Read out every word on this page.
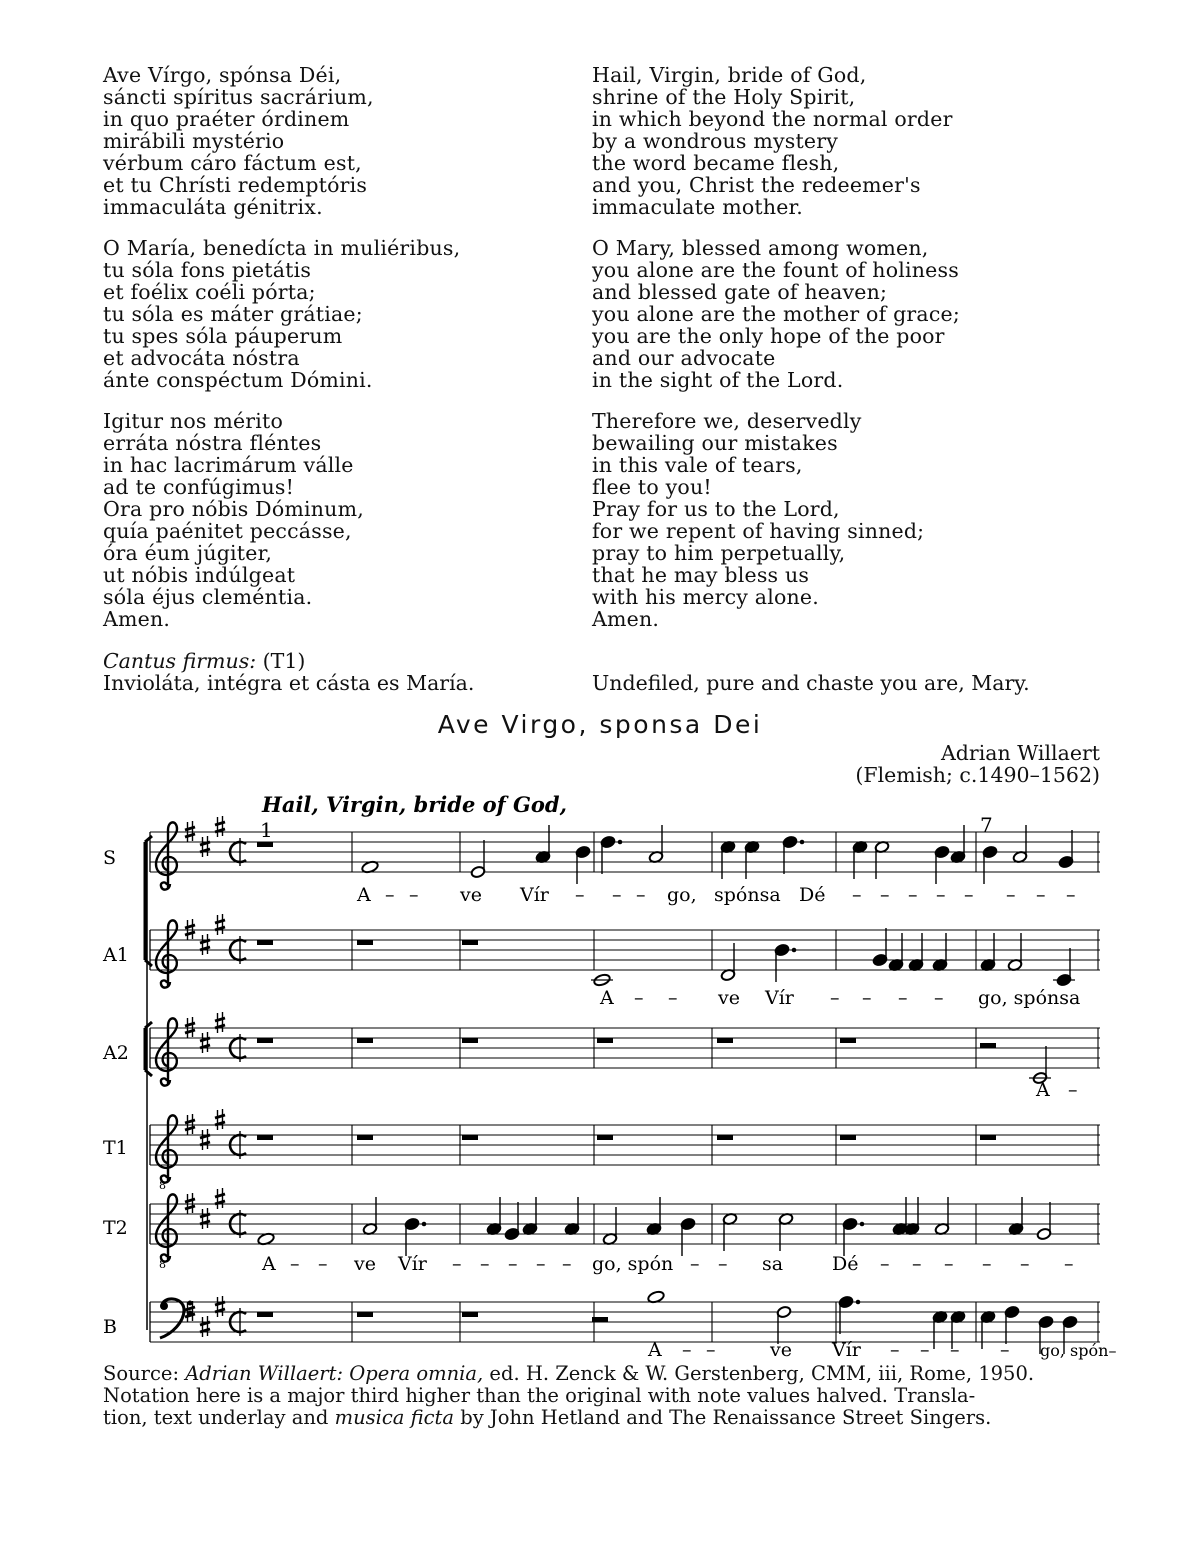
Ave Vírgo, spónsa Déi,
sáncti spíritus sacrárium,
in quo praéter órdinem
mirábili mystério
vérbum cáro fáctum est,
et tu Chrísti redemptóris
immaculáta génitrix.
O María, benedícta in muliéribus,
tu sóla fons pietátis
et foélix coéli pórta;
tu sóla es máter grátiae;
tu spes sóla páuperum
et advocáta nóstra
ánte conspéctum Dómini.
Igitur nos mérito
erráta nóstra fléntes
in hac lacrimárum válle
ad te confúgimus!
Ora pro nóbis Dóminum,
quía paénitet peccásse,
óra éum júgiter,
ut nóbis indúlgeat
sóla éjus cleméntia.
Amen.
Hail, Virgin, bride of God,
shrine of the Holy Spirit,
in which beyond the normal order
by a wondrous mystery
the word became flesh,
and you, Christ the redeemer's
immaculate mother.
O Mary, blessed among women,
you alone are the fount of holiness
and blessed gate of heaven;
you alone are the mother of grace;
you are the only hope of the poor
and our advocate
in the sight of the Lord.
Therefore we, deservedly
bewailing our mistakes
in this vale of tears,
flee to you!
Pray for us to the Lord,
for we repent of having sinned;
pray to him perpetually,
that he may bless us
with his mercy alone.
Amen.
Cantus firmus: (T1)
Invioláta, intégra et cásta es María.	Undefiled, pure and chaste you are, Mary.
Ave Virgo, sponsa Dei
Adrian Willaert
(Flemish; c.1490–1562)
Hail, Virgin, bride of God,
1	7
S
A1
A2
T1
T2
B
8
8
A – – ve Vír – – – go, spónsa Dé – – – – – – – –
A – – ve Vír – – – – go, spónsa
A –
A – – ve Vír – – – – – go, spón – – sa	Dé – – – – – –
A – –	ve Vír – – – – go, spón–
Source: Adrian Willaert: Opera omnia, ed. H. Zenck & W. Gerstenberg, CMM, iii, Rome, 1950.
Notation here is a major third higher than the original with note values halved. Transla-
tion, text underlay and musica ficta by John Hetland and The Renaissance Street Singers.
